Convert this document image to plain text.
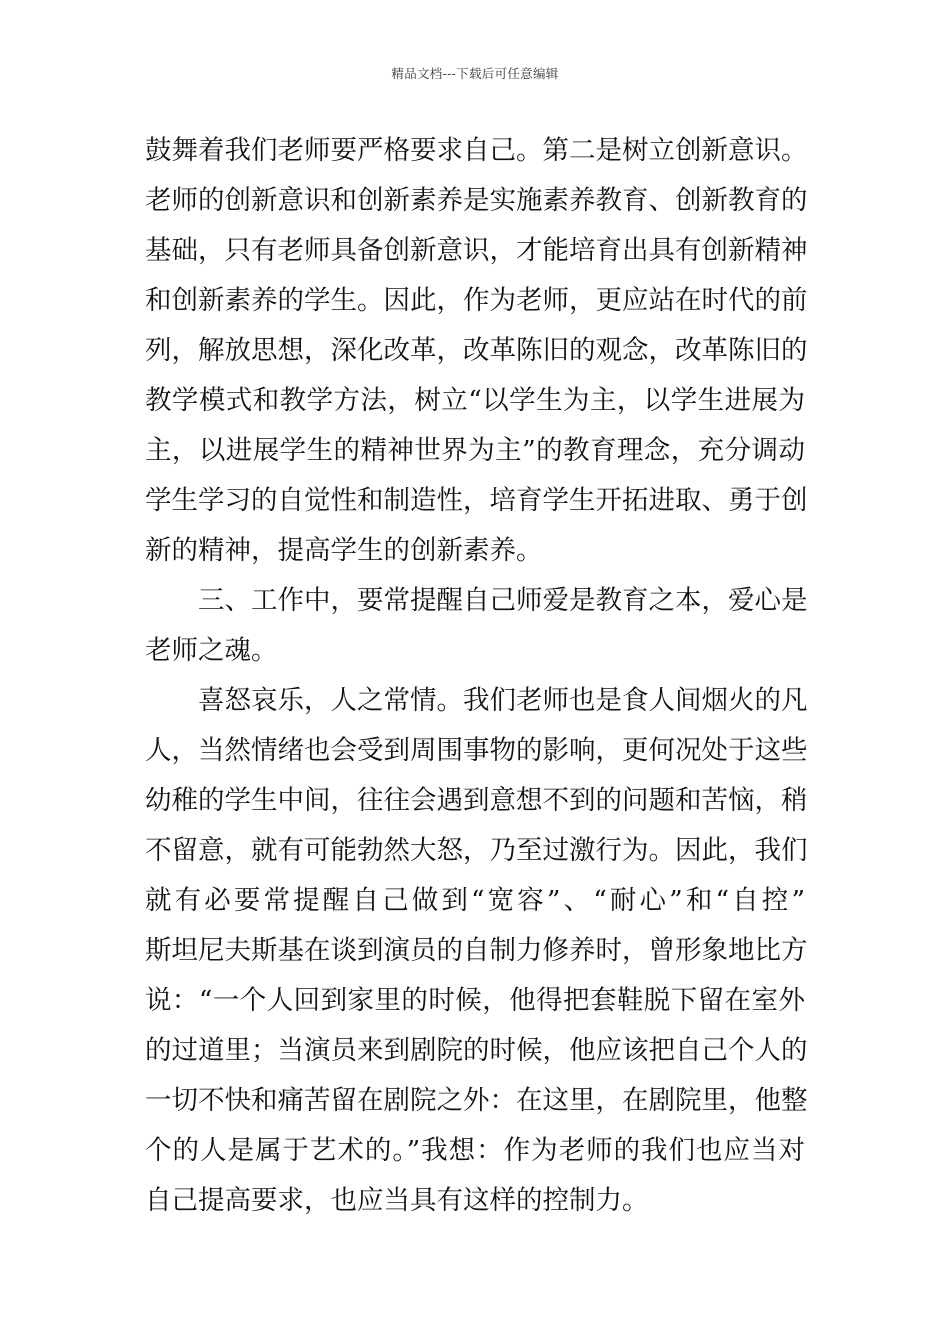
精品文档---下载后可任意编辑
鼓舞着我们老师要严格要求自己。第二是树立创新意识。
老师的创新意识和创新素养是实施素养教育、创新教育的
基础，只有老师具备创新意识，才能培育出具有创新精神
和创新素养的学生。因此，作为老师，更应站在时代的前
列，解放思想，深化改革，改革陈旧的观念，改革陈旧的
教学模式和教学方法，树立“以学生为主，以学生进展为
主，以进展学生的精神世界为主”的教育理念，充分调动
学生学习的自觉性和制造性，培育学生开拓进取、勇于创
新的精神，提高学生的创新素养。
三、工作中，要常提醒自己师爱是教育之本，爱心是
老师之魂。
喜怒哀乐，人之常情。我们老师也是食人间烟火的凡
人，当然情绪也会受到周围事物的影响，更何况处于这些
幼稚的学生中间，往往会遇到意想不到的问题和苦恼，稍
不留意，就有可能勃然大怒，乃至过激行为。因此，我们
就有必要常提醒自己做到“宽容”、“耐心”和“自控”
斯坦尼夫斯基在谈到演员的自制力修养时，曾形象地比方
说：“一个人回到家里的时候，他得把套鞋脱下留在室外
的过道里；当演员来到剧院的时候，他应该把自己个人的
一切不快和痛苦留在剧院之外：在这里，在剧院里，他整
个的人是属于艺术的。”我想：作为老师的我们也应当对
自己提高要求，也应当具有这样的控制力。
